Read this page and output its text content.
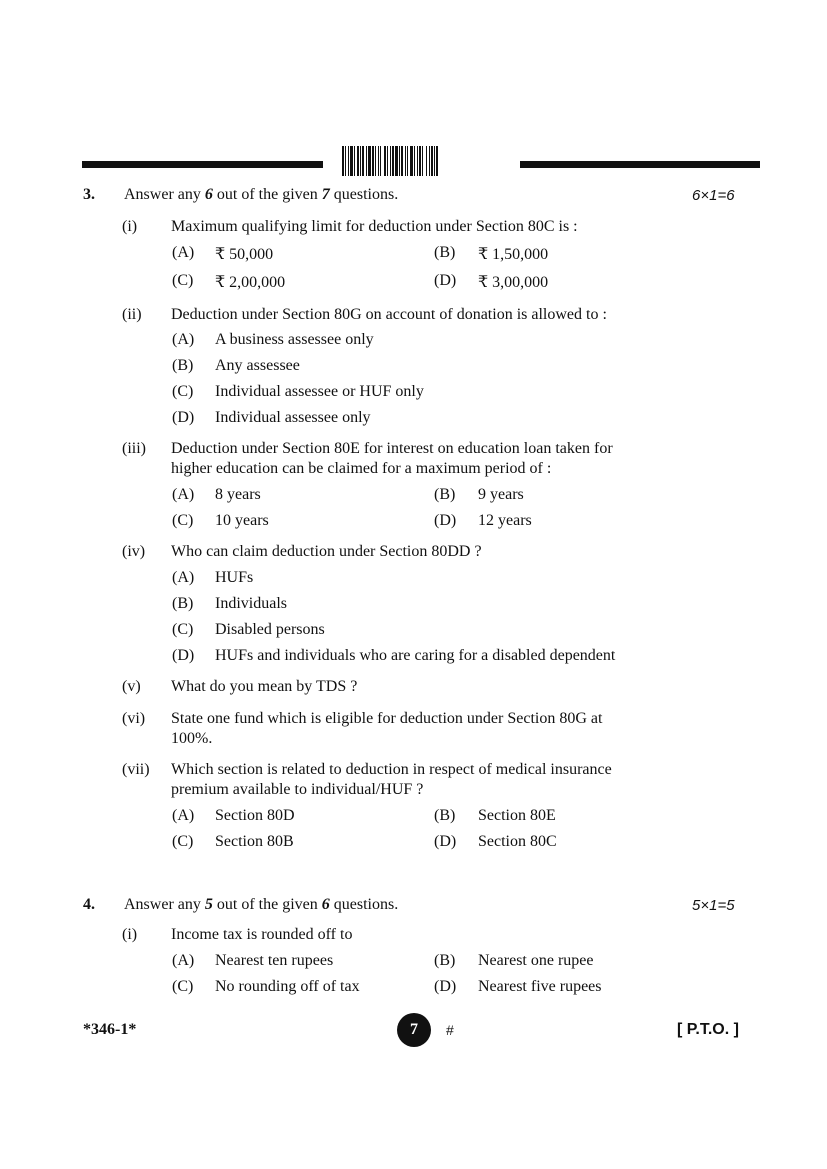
3. Answer any 6 out of the given 7 questions.	6×1=6
(i) Maximum qualifying limit for deduction under Section 80C is :
(A) ₹ 50,000	(B) ₹ 1,50,000
(C) ₹ 2,00,000	(D) ₹ 3,00,000
(ii) Deduction under Section 80G on account of donation is allowed to :
(A) A business assessee only
(B) Any assessee
(C) Individual assessee or HUF only
(D) Individual assessee only
(iii) Deduction under Section 80E for interest on education loan taken for
higher education can be claimed for a maximum period of :
(A) 8 years	(B) 9 years
(C) 10 years	(D) 12 years
(iv) Who can claim deduction under Section 80DD ?
(A) HUFs
(B) Individuals
(C) Disabled persons
(D) HUFs and individuals who are caring for a disabled dependent
(v) What do you mean by TDS ?
(vi) State one fund which is eligible for deduction under Section 80G at
100%.
(vii) Which section is related to deduction in respect of medical insurance
premium available to individual/HUF ?
(A) Section 80D	(B) Section 80E
(C) Section 80B	(D) Section 80C
4. Answer any 5 out of the given 6 questions.	5×1=5
(i) Income tax is rounded off to
(A) Nearest ten rupees	(B) Nearest one rupee
(C) No rounding off of tax	(D) Nearest five rupees
*346-1*	7	#	[ P.T.O. ]
